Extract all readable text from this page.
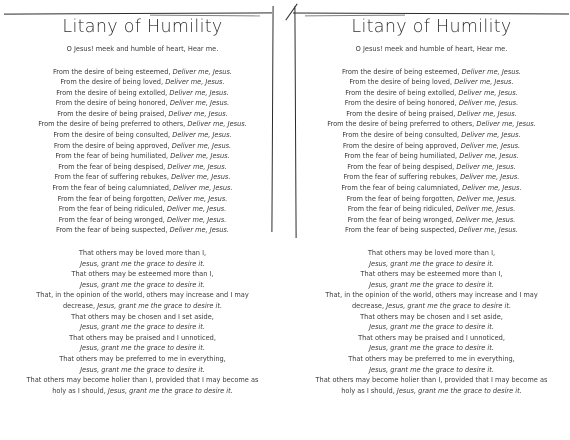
Litany of Humility
O Jesus! meek and humble of heart, Hear me.
From the desire of being esteemed, Deliver me, Jesus.
From the desire of being loved, Deliver me, Jesus.
From the desire of being extolled, Deliver me, Jesus.
From the desire of being honored, Deliver me, Jesus.
From the desire of being praised, Deliver me, Jesus.
From the desire of being preferred to others, Deliver me, Jesus.
From the desire of being consulted, Deliver me, Jesus.
From the desire of being approved, Deliver me, Jesus.
From the fear of being humiliated, Deliver me, Jesus.
From the fear of being despised, Deliver me, Jesus.
From the fear of suffering rebukes, Deliver me, Jesus.
From the fear of being calumniated, Deliver me, Jesus.
From the fear of being forgotten, Deliver me, Jesus.
From the fear of being ridiculed, Deliver me, Jesus.
From the fear of being wronged, Deliver me, Jesus.
From the fear of being suspected, Deliver me, Jesus.
That others may be loved more than I,
Jesus, grant me the grace to desire it.
That others may be esteemed more than I,
Jesus, grant me the grace to desire it.
That, in the opinion of the world, others may increase and I may
decrease, Jesus, grant me the grace to desire it.
That others may be chosen and I set aside,
Jesus, grant me the grace to desire it.
That others may be praised and I unnoticed,
Jesus, grant me the grace to desire it.
That others may be preferred to me in everything,
Jesus, grant me the grace to desire it.
That others may become holier than I, provided that I may become as
holy as I should, Jesus, grant me the grace to desire it.
Litany of Humility
O Jesus! meek and humble of heart, Hear me.
From the desire of being esteemed, Deliver me, Jesus.
From the desire of being loved, Deliver me, Jesus.
From the desire of being extolled, Deliver me, Jesus.
From the desire of being honored, Deliver me, Jesus.
From the desire of being praised, Deliver me, Jesus.
From the desire of being preferred to others, Deliver me, Jesus.
From the desire of being consulted, Deliver me, Jesus.
From the desire of being approved, Deliver me, Jesus.
From the fear of being humiliated, Deliver me, Jesus.
From the fear of being despised, Deliver me, Jesus.
From the fear of suffering rebukes, Deliver me, Jesus.
From the fear of being calumniated, Deliver me, Jesus.
From the fear of being forgotten, Deliver me, Jesus.
From the fear of being ridiculed, Deliver me, Jesus.
From the fear of being wronged, Deliver me, Jesus.
From the fear of being suspected, Deliver me, Jesus.
That others may be loved more than I,
Jesus, grant me the grace to desire it.
That others may be esteemed more than I,
Jesus, grant me the grace to desire it.
That, in the opinion of the world, others may increase and I may
decrease, Jesus, grant me the grace to desire it.
That others may be chosen and I set aside,
Jesus, grant me the grace to desire it.
That others may be praised and I unnoticed,
Jesus, grant me the grace to desire it.
That others may be preferred to me in everything,
Jesus, grant me the grace to desire it.
That others may become holier than I, provided that I may become as
holy as I should, Jesus, grant me the grace to desire it.
